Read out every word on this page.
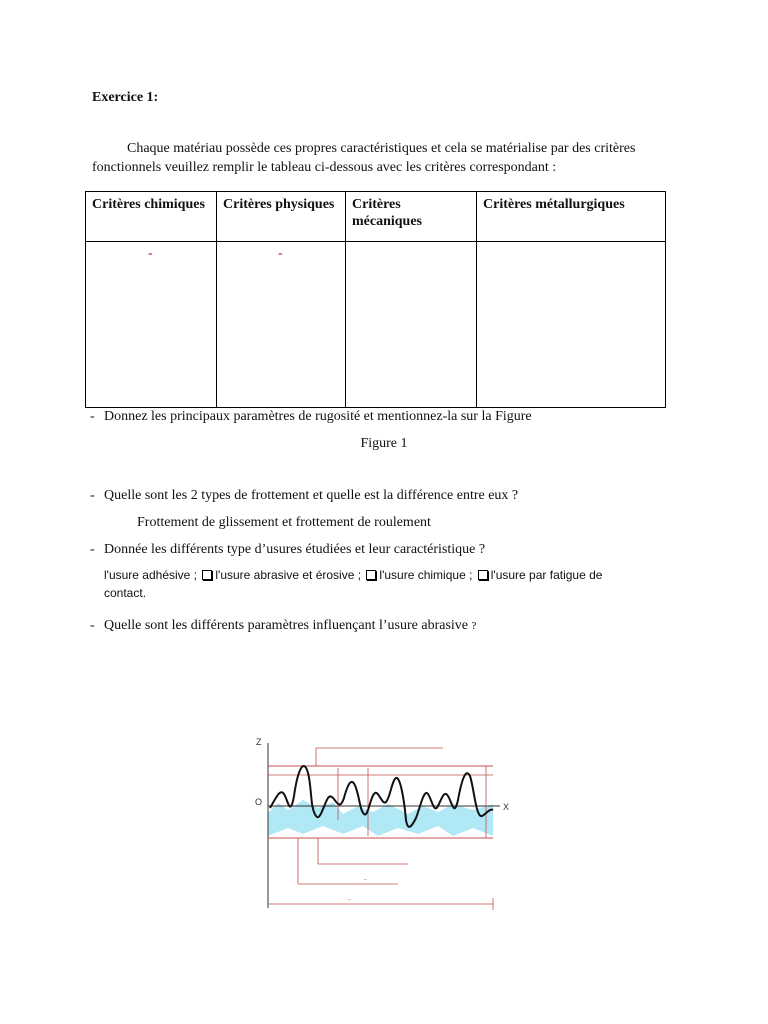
Exercice 1:
Chaque matériau possède ces propres caractéristiques et cela se matérialise par des critères fonctionnels veuillez remplir le tableau ci-dessous avec les critères correspondant :
Critères chimiques	Critères physiques	Critères mécaniques	Critères métallurgiques

-	-		

- Donnez les principaux paramètres de rugosité et mentionnez-la sur la Figure
Figure 1
- Quelle sont les 2 types de frottement et quelle est la différence entre eux ?
Frottement de glissement et frottement de roulement
- Donnée les différents type d’usures étudiées et leur caractéristique ?
l'usure adhésive ; l'usure abrasive et érosive ; l'usure chimique ; l'usure par fatigue de
contact.
- Quelle sont les différents paramètres influençant l’usure abrasive ?
Z
X
O
-
-
